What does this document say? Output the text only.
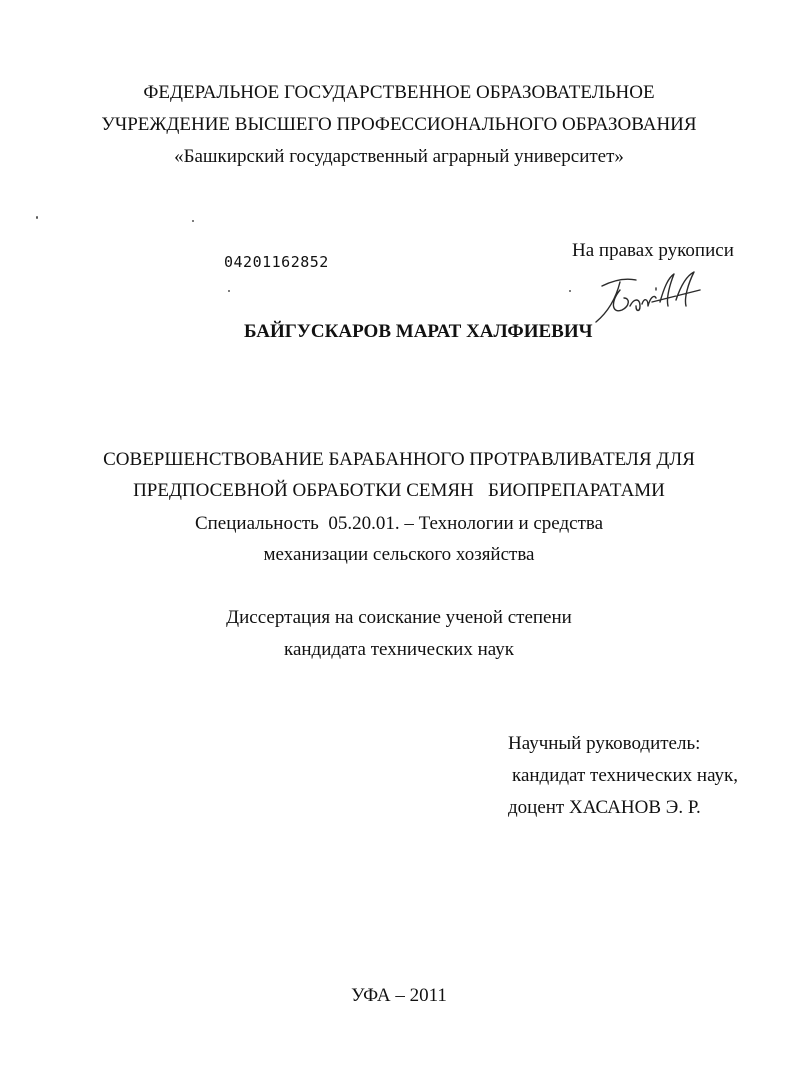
ФЕДЕРАЛЬНОЕ ГОСУДАРСТВЕННОЕ ОБРАЗОВАТЕЛЬНОЕ
УЧРЕЖДЕНИЕ ВЫСШЕГО ПРОФЕССИОНАЛЬНОГО ОБРАЗОВАНИЯ
«Башкирский государственный аграрный университет»
04201162852
На правах рукописи
БАЙГУСКАРОВ МАРАТ ХАЛФИЕВИЧ
СОВЕРШЕНСТВОВАНИЕ БАРАБАННОГО ПРОТРАВЛИВАТЕЛЯ ДЛЯ
ПРЕДПОСЕВНОЙ ОБРАБОТКИ СЕМЯН   БИОПРЕПАРАТАМИ
Специальность  05.20.01. – Технологии и средства
механизации сельского хозяйства
Диссертация на соискание ученой степени
кандидата технических наук
Научный руководитель:
кандидат технических наук,
доцент ХАСАНОВ Э. Р.
УФА – 2011
